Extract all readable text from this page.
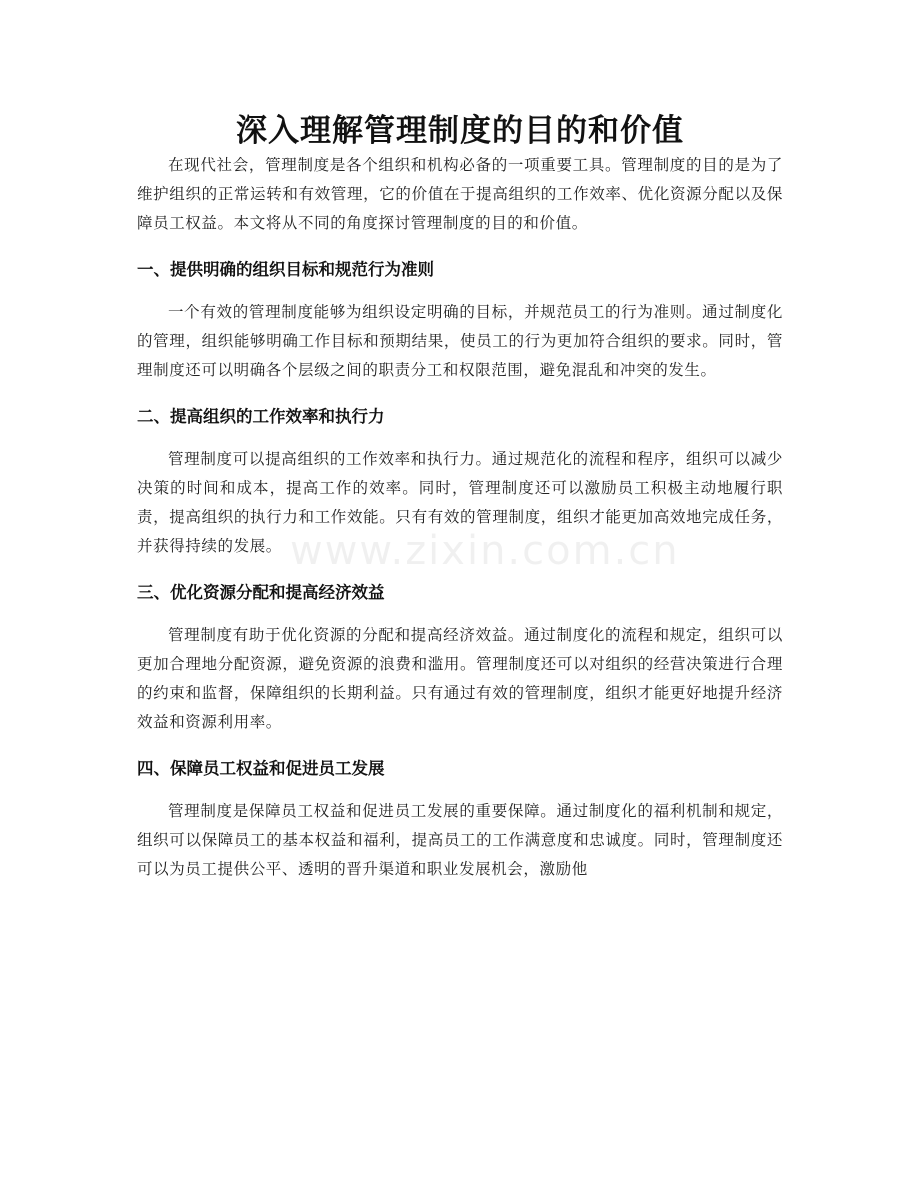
深入理解管理制度的目的和价值

在现代社会，管理制度是各个组织和机构必备的一项重要工具。管理制度的目的是为了维护组织的正常运转和有效管理，它的价值在于提高组织的工作效率、优化资源分配以及保障员工权益。本文将从不同的角度探讨管理制度的目的和价值。

一、提供明确的组织目标和规范行为准则

一个有效的管理制度能够为组织设定明确的目标，并规范员工的行为准则。通过制度化的管理，组织能够明确工作目标和预期结果，使员工的行为更加符合组织的要求。同时，管理制度还可以明确各个层级之间的职责分工和权限范围，避免混乱和冲突的发生。

二、提高组织的工作效率和执行力

管理制度可以提高组织的工作效率和执行力。通过规范化的流程和程序，组织可以减少决策的时间和成本，提高工作的效率。同时，管理制度还可以激励员工积极主动地履行职责，提高组织的执行力和工作效能。只有有效的管理制度，组织才能更加高效地完成任务，并获得持续的发展。

三、优化资源分配和提高经济效益

管理制度有助于优化资源的分配和提高经济效益。通过制度化的流程和规定，组织可以更加合理地分配资源，避免资源的浪费和滥用。管理制度还可以对组织的经营决策进行合理的约束和监督，保障组织的长期利益。只有通过有效的管理制度，组织才能更好地提升经济效益和资源利用率。

四、保障员工权益和促进员工发展

管理制度是保障员工权益和促进员工发展的重要保障。通过制度化的福利机制和规定，组织可以保障员工的基本权益和福利，提高员工的工作满意度和忠诚度。同时，管理制度还可以为员工提供公平、透明的晋升渠道和职业发展机会，激励他

www.zixin.com.cn
